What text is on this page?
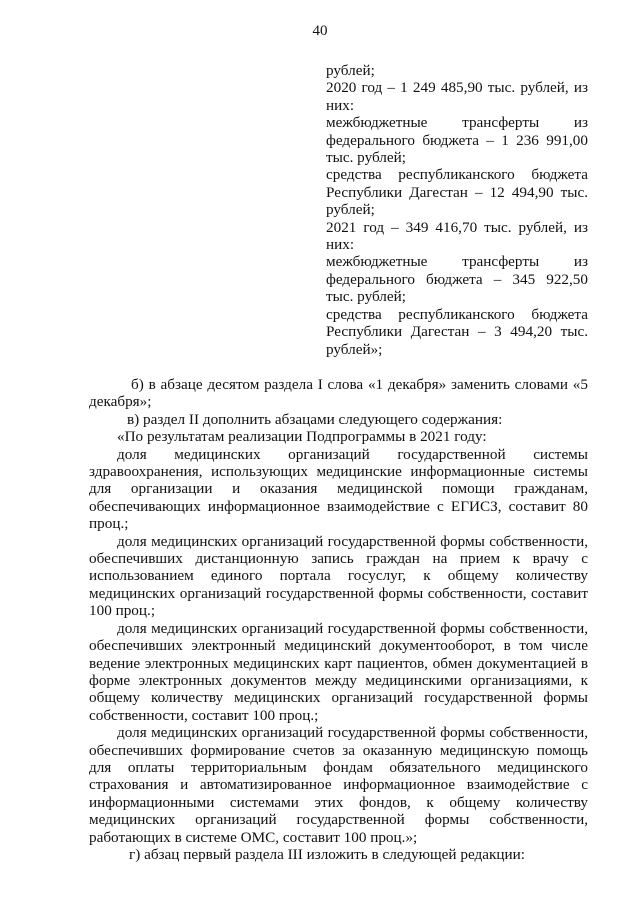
40

рублей;

2020 год – 1 249 485,90 тыс. рублей, из них:

межбюджетные трансферты из федерального бюджета – 1 236 991,00 тыс. рублей;

средства республиканского бюджета Республики Дагестан – 12 494,90 тыс. рублей;

2021 год – 349 416,70 тыс. рублей, из них:

межбюджетные трансферты из федерального бюджета – 345 922,50 тыс. рублей;

средства республиканского бюджета Республики Дагестан – 3 494,20 тыс. рублей»;

б) в абзаце десятом раздела I слова «1 декабря» заменить словами «5 декабря»;

в) раздел II дополнить абзацами следующего содержания:

«По результатам реализации Подпрограммы в 2021 году:

доля медицинских организаций государственной системы здравоохранения, использующих медицинские информационные системы для организации и оказания медицинской помощи гражданам, обеспечивающих информационное взаимодействие с ЕГИСЗ, составит 80 проц.;

доля медицинских организаций государственной формы собственности, обеспечивших дистанционную запись граждан на прием к врачу с использованием единого портала госуслуг, к общему количеству медицинских организаций государственной формы собственности, составит 100 проц.;

доля медицинских организаций государственной формы собственности, обеспечивших электронный медицинский документооборот, в том числе ведение электронных медицинских карт пациентов, обмен документацией в форме электронных документов между медицинскими организациями, к общему количеству медицинских организаций государственной формы собственности, составит 100 проц.;

доля медицинских организаций государственной формы собственности, обеспечивших формирование счетов за оказанную медицинскую помощь для оплаты территориальным фондам обязательного медицинского страхования и автоматизированное информационное взаимодействие с информационными системами этих фондов, к общему количеству медицинских организаций государственной формы собственности, работающих в системе ОМС, составит 100 проц.»;

г) абзац первый раздела III изложить в следующей редакции:
